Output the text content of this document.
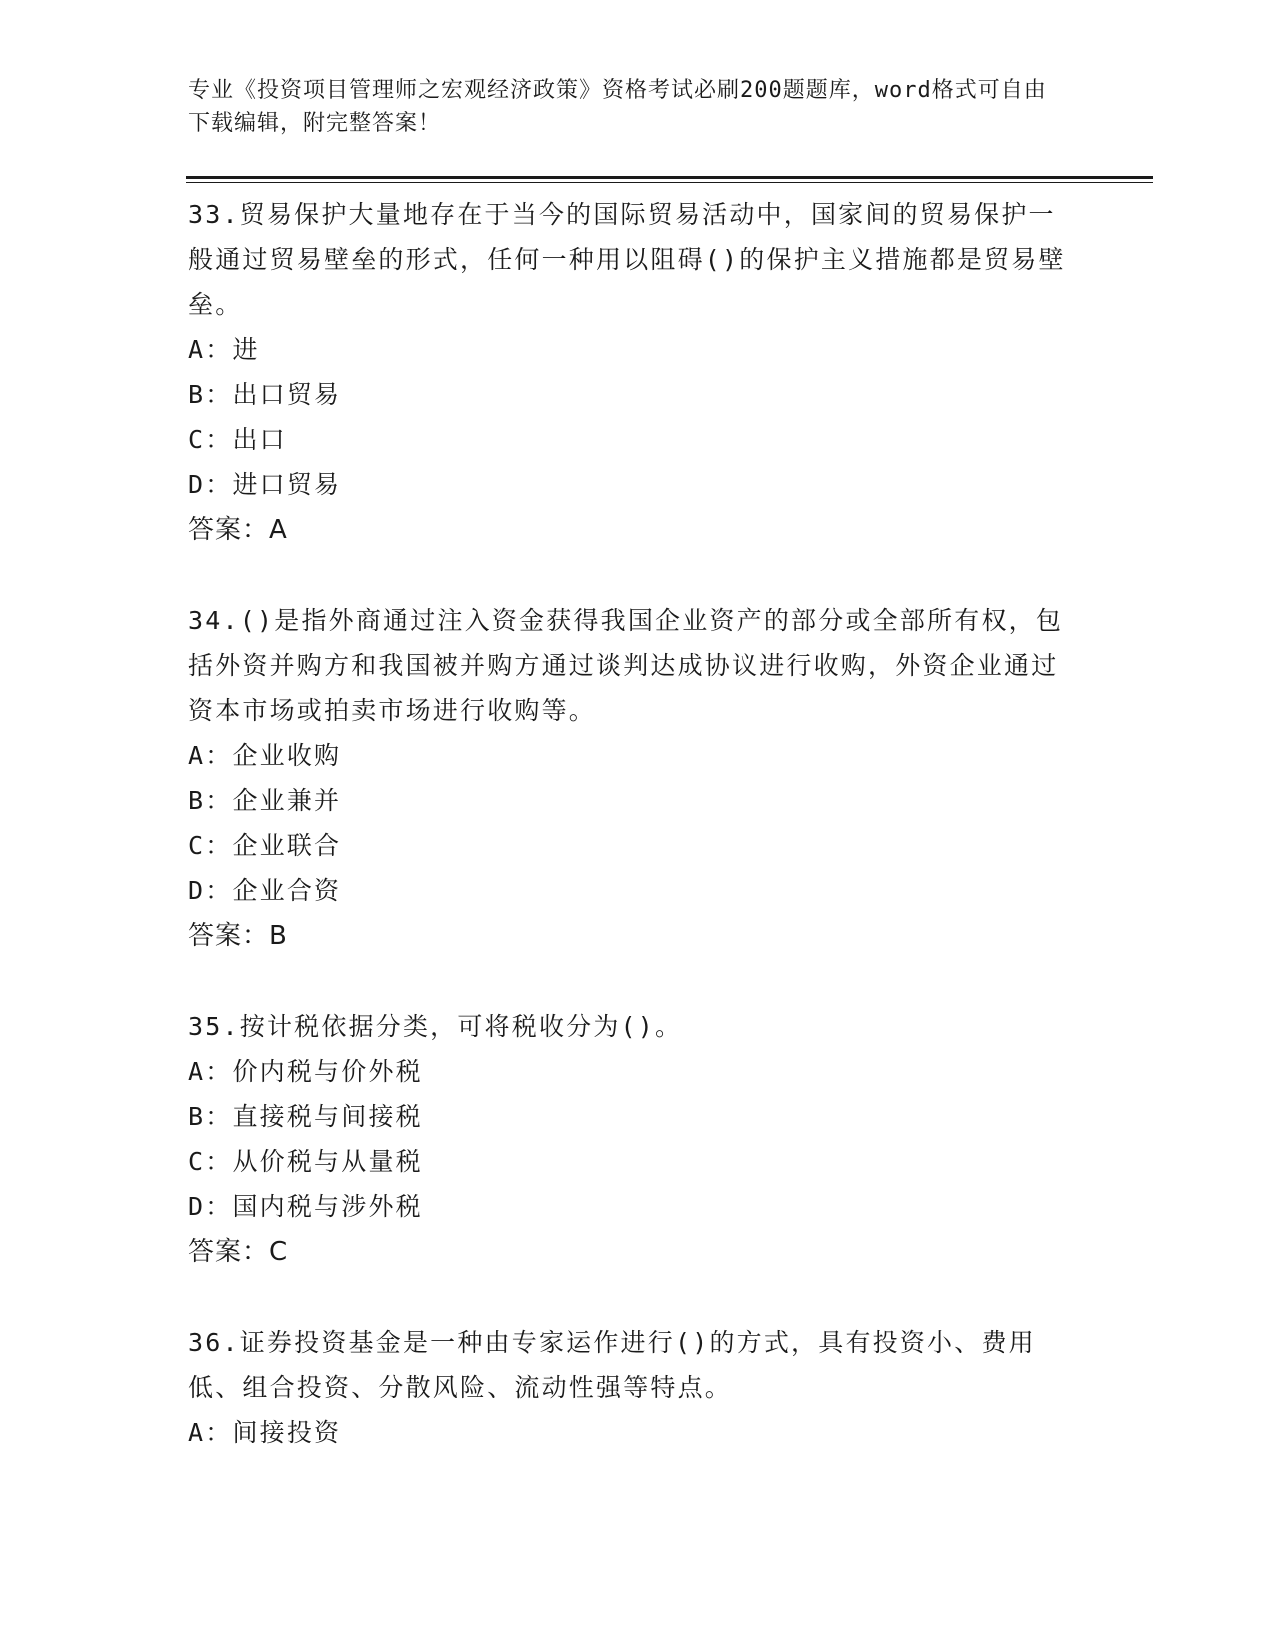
专业《投资项目管理师之宏观经济政策》资格考试必刷200题题库，word格式可自由下载编辑，附完整答案！

33.贸易保护大量地存在于当今的国际贸易活动中，国家间的贸易保护一般通过贸易壁垒的形式，任何一种用以阻碍()的保护主义措施都是贸易壁垒。

A：进

B：出口贸易

C：出口

D：进口贸易

答案：A

34.()是指外商通过注入资金获得我国企业资产的部分或全部所有权，包括外资并购方和我国被并购方通过谈判达成协议进行收购，外资企业通过资本市场或拍卖市场进行收购等。

A：企业收购

B：企业兼并

C：企业联合

D：企业合资

答案：B

35.按计税依据分类，可将税收分为()。

A：价内税与价外税

B：直接税与间接税

C：从价税与从量税

D：国内税与涉外税

答案：C

36.证券投资基金是一种由专家运作进行()的方式，具有投资小、费用低、组合投资、分散风险、流动性强等特点。

A：间接投资
